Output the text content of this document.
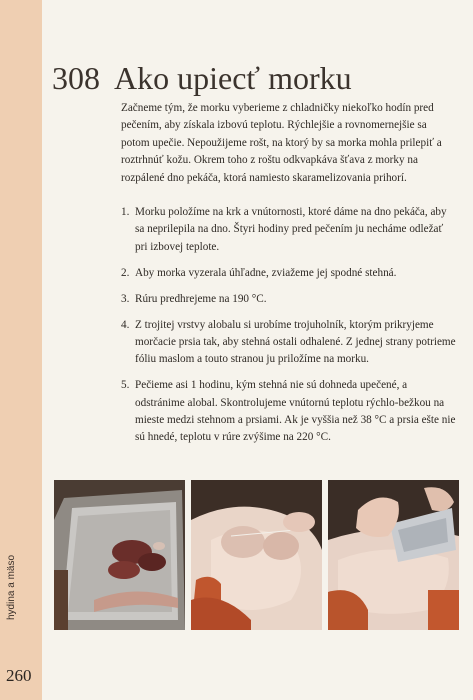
hydina a mäso
260
308 Ako upiecť morku

Začneme tým, že morku vyberieme z chladničky niekoľko hodín pred pečením, aby získala izbovú teplotu. Rýchlejšie a rovnomernejšie sa potom upečie. Nepoužijeme rošt, na ktorý by sa morka mohla prilepiť a roztrhnúť kožu. Okrem toho z roštu odkvapkáva šťava z morky na rozpálené dno pekáča, ktorá namiesto skaramelizovania prihorí.

1. Morku položíme na krk a vnútornosti, ktoré dáme na dno pekáča, aby sa neprilepila na dno. Štyri hodiny pred pečením ju necháme odležať pri izbovej teplote.
2. Aby morka vyzerala úhľadne, zviažeme jej spodné stehná.
3. Rúru predhrejeme na 190 °C.
4. Z trojitej vrstvy alobalu si urobíme trojuholník, ktorým prikryjeme morčacie prsia tak, aby stehná ostali odhalené. Z jednej strany potrieme fóliu maslom a touto stranou ju priložíme na morku.
5. Pečieme asi 1 hodinu, kým stehná nie sú dohneda upečené, a odstránime alobal. Skontrolujeme vnútornú teplotu rýchlo-bežkou na mieste medzi stehnom a prsiami. Ak je vyššia než 38 °C a prsia ešte nie sú hnedé, teplotu v rúre zvýšime na 220 °C.
